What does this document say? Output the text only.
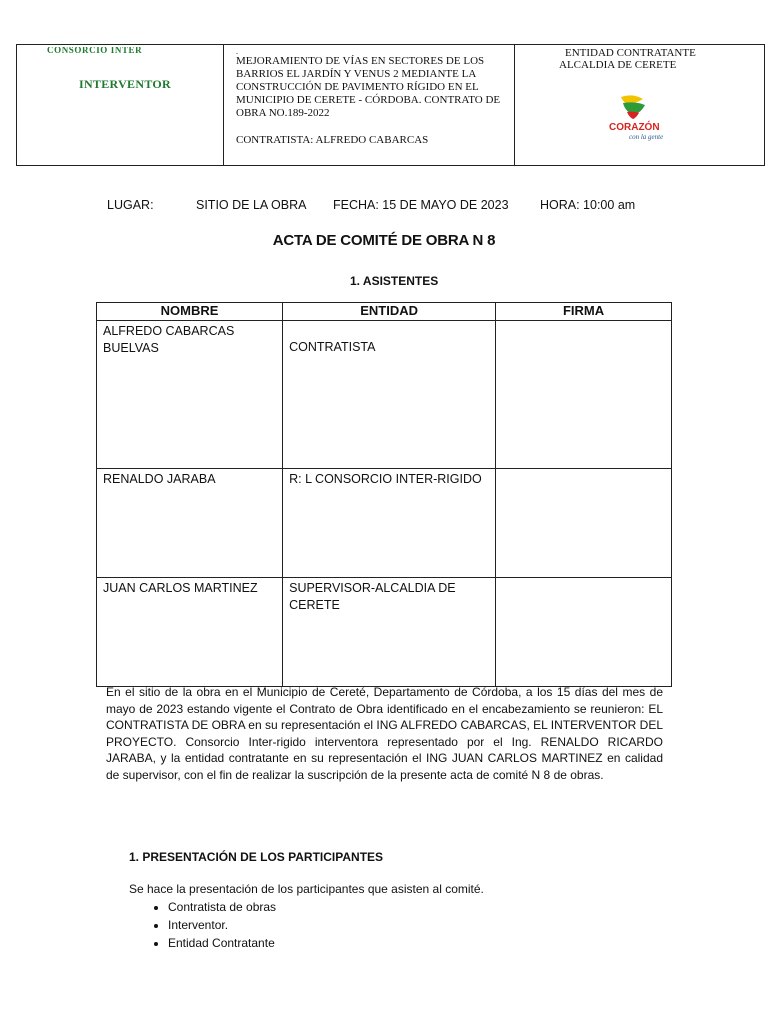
CONSORCIO INTER
INTERVENTOR
.
MEJORAMIENTO DE VÍAS EN SECTORES DE LOS BARRIOS EL JARDÍN Y VENUS 2 MEDIANTE LA CONSTRUCCIÓN DE PAVIMENTO RÍGIDO EN EL MUNICIPIO DE CERETE - CÓRDOBA. CONTRATO DE OBRA NO.189-2022
CONTRATISTA: ALFREDO CABARCAS
ENTIDAD CONTRATANTE
ALCALDIA DE CERETE
CORAZÓN
con la gente
LUGAR:	SITIO DE LA OBRA FECHA: 15 DE MAYO DE 2023	HORA: 10:00 am
ACTA DE COMITÉ DE OBRA N 8
1. ASISTENTES
NOMBRE	ENTIDAD	FIRMA

ALFREDO CABARCAS
BUELVAS	CONTRATISTA	
RENALDO JARABA	R: L CONSORCIO INTER-RIGIDO	
JUAN CARLOS MARTINEZ	SUPERVISOR-ALCALDIA DE
CERETE	

En el sitio de la obra en el Municipio de Cereté, Departamento de Córdoba, a los 15 días del mes de mayo de 2023 estando vigente el Contrato de Obra identificado en el encabezamiento se reunieron: EL CONTRATISTA DE OBRA en su representación el ING ALFREDO CABARCAS, EL INTERVENTOR DEL PROYECTO. Consorcio Inter-rigido interventora representado por el Ing. RENALDO RICARDO JARABA, y la entidad contratante en su representación el ING JUAN CARLOS MARTINEZ en calidad de supervisor, con el fin de realizar la suscripción de la presente acta de comité N 8 de obras.

1. PRESENTACIÓN DE LOS PARTICIPANTES
Se hace la presentación de los participantes que asisten al comité.
• Contratista de obras
• Interventor.
• Entidad Contratante
